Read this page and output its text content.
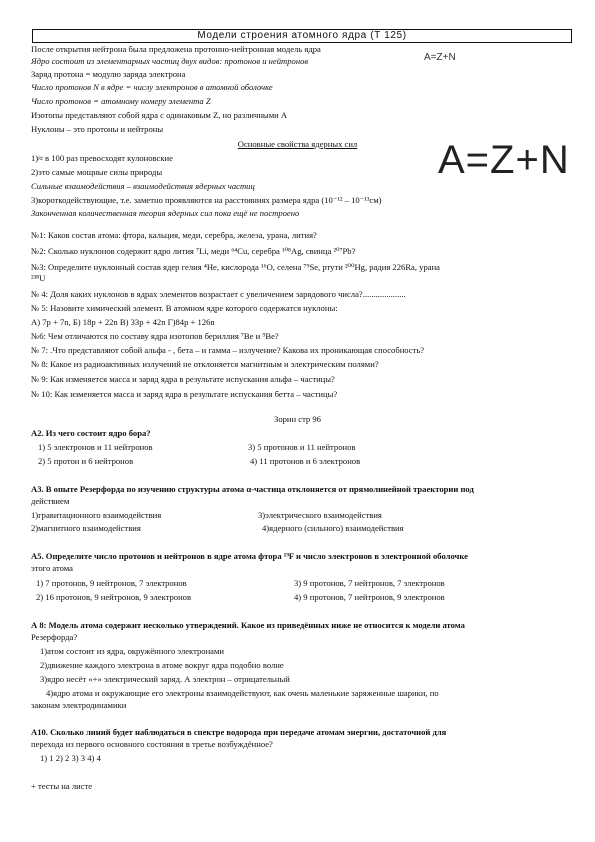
Модели строения атомного ядра (Т 125)
A=Z+N
A=Z+N
После открытия нейтрона была предложена протонно-нейтронная модель ядра
Ядро состоит из элементарных частиц двух видов: протонов и нейтронов
Заряд протона = модулю заряда электрона
Число протонов N в ядре = числу электронов в атомной оболочке
Число протонов = атомному номеру элемента Z
Изотопы представляют собой ядра с одинаковым Z, но различными A
Нуклоны – это протоны и нейтроны
Основные свойства ядерных сил
1)≈ в 100 раз превосходят кулоновские
2)это самые мощные силы природы
Сильные взаимодействия – взаимодействия ядерных частиц
3)короткодействующие, т.е. заметно проявляются на расстояниях размера ядра (10⁻¹² – 10⁻¹³см)
Законченная количественная теория ядерных сил пока ещё не построено
№1: Каков состав атома: фтора, кальция, меди, серебра, железа, урана, лития?
№2: Сколько нуклонов содержит ядро лития ⁷Li, меди ⁶⁴Cu, серебра ¹⁰⁸Ag, свинца ²⁰⁷Pb?
№3: Определите нуклонный состав ядер гелия ⁴He, кислорода ¹⁶O, селена ⁷⁹Se, ртути ²⁰⁰Hg, радия 226Ra, урана
²³⁸U
№ 4: Доля каких нуклонов в ядрах элементов возрастает с увеличением зарядового числа?....................
№ 5: Назовите химический элемент. В атомном ядре которого содержатся нуклоны:
А) 7p + 7n, Б) 18p + 22n В) 33p + 42n Г)84p + 126n
№6: Чем отличаются по составу ядра изотопов бериллия ⁷Be и ⁹Be?
№ 7: .Что представляют собой альфа - , бета – и гамма – излучение? Какова их проникающая способность?
№ 8: Какое из радиоактивных излучений не отклоняется магнитным и электрическим полями?
№ 9: Как изменяется масса и заряд ядра в результате испускания альфа – частицы?
№ 10: Как изменяется масса и заряд ядра в результате испускания бетта – частицы?
Зорин стр 96
А2. Из чего состоит ядро бора?
1) 5 электронов и 11 нейтронов	3) 5 протонов и 11 нейтронов
2) 5 протон и 6 нейтронов	4) 11 протонов и 6 электронов
А3. В опыте Резерфорда по изучению структуры атома α-частица отклоняется от прямолинейной траектории под
действием
1)гравитационного взаимодействия	3)электрического взаимодействия
2)магнитного взаимодействия	4)ядерного (сильного) взаимодействия
А5. Определите число протонов и нейтронов в ядре атома фтора ¹⁹F и число электронов в электронной оболочке
этого атома
1) 7 протонов, 9 нейтронов, 7 электронов	3) 9 протонов, 7 нейтронов, 7 электронов
2) 16 протонов, 9 нейтронов, 9 электронов	4) 9 протонов, 7 нейтронов, 9 электронов
А 8: Модель атома содержит несколько утверждений. Какое из приведённых ниже не относится к модели атома
Резерфорда?
1)атом состоит из ядра, окружённого электронами
2)движение каждого электрона в атоме вокруг ядра подобно волне
3)ядро несёт «+» электрический заряд. А электрон – отрицательный
4)ядро атома и окружающие его электроны взаимодействуют, как очень маленькие заряженные шарики, по
законам электродинамики
А10. Сколько линий будет наблюдаться в спектре водорода при передаче атомам энергии, достаточной для
перехода из первого основного состояния в третье возбуждённое?
1) 1 2) 2 3) 3 4) 4
+ тесты на листе
